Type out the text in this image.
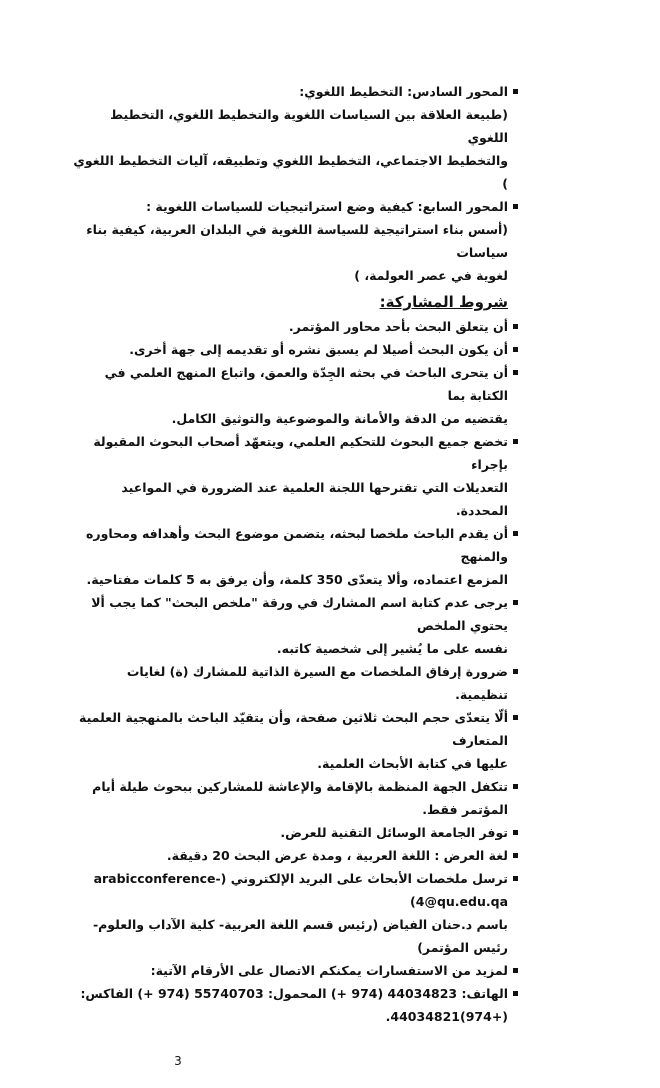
المحور السادس: التخطيط اللغوي:
(طبيعة العلاقة بين السياسات اللغوية والتخطيط اللغوي، التخطيط اللغوي
والتخطيط الاجتماعي، التخطيط اللغوي وتطبيقه، آليات التخطيط اللغوي )
المحور السابع: كيفية وضع استراتيجيات للسياسات اللغوية :
(أسس بناء استراتيجية للسياسة اللغوية في البلدان العربية، كيفية بناء سياسات
لغوية في عصر العولمة، )
شروط المشاركة:
أن يتعلق البحث بأحد محاور المؤتمر.
أن يكون البحث أصيلا لم يسبق نشره أو تقديمه إلى جهة أخرى.
أن يتحرى الباحث في بحثه الجِدّة والعمق، واتباع المنهج العلمي في الكتابة بما
يقتضيه من الدقة والأمانة والموضوعية والتوثيق الكامل.
تخضع جميع البحوث للتحكيم العلمي، ويتعهّد أصحاب البحوث المقبولة بإجراء
التعديلات التي تقترحها اللجنة العلمية عند الضرورة في المواعيد المحددة.
أن يقدم الباحث ملخصا لبحثه، يتضمن موضوع البحث وأهدافه ومحاوره والمنهج
المزمع اعتماده، وألا يتعدّى 350 كلمة، وأن يرفق به 5 كلمات مفتاحية.
يرجى عدم كتابة اسم المشارك في ورقة "ملخص البحث" كما يجب ألا يحتوي الملخص
نفسه على ما يُشير إلى شخصية كاتبه.
ضرورة إرفاق الملخصات مع السيرة الذاتية للمشارك (ة) لغايات تنظيمية.
ألّا يتعدّى حجم البحث ثلاثين صفحة، وأن يتقيّد الباحث بالمنهجية العلمية المتعارف
عليها في كتابة الأبحاث العلمية.
تتكفل الجهة المنظمة بالإقامة والإعاشة للمشاركين ببحوث طيلة أيام المؤتمر فقط.
توفر الجامعة الوسائل التقنية للعرض.
لغة العرض : اللغة العربية ، ومدة عرض البحث 20 دقيقة.
ترسل ملخصات الأبحاث على البريد الإلكتروني (arabicconference-4@qu.edu.qa)
باسم د.حنان الفياض (رئيس قسم اللغة العربية- كلية الآداب والعلوم- رئيس المؤتمر)
لمزيد من الاستفسارات يمكنكم الاتصال على الأرقام الآتية:
الهاتف: 44034823 (974 +) المحمول: 55740703 (974 +) الفاكس:
(+974)44034821.
3
